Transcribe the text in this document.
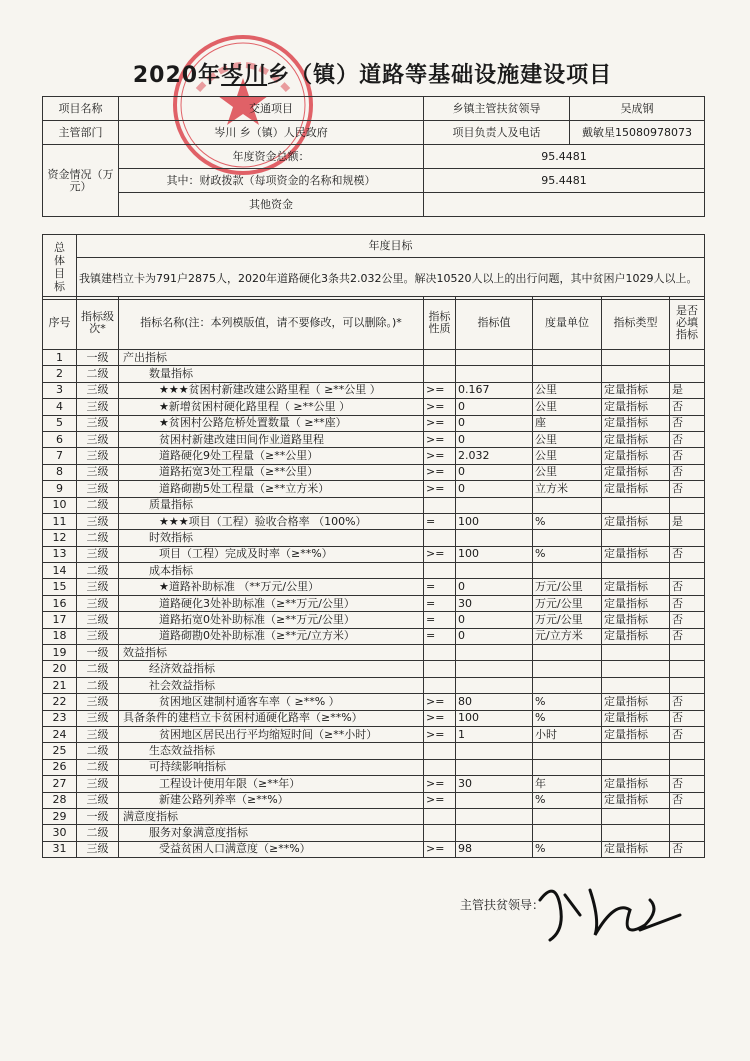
2020年岑川乡（镇）道路等基础设施建设项目
项目名称	交通项目	乡镇主管扶贫领导	吴成钢
主管部门	岑川 乡（镇）人民政府	项目负责人及电话	戴敏星15080978073
资金情况（万元）	年度资金总额：	95.4481	
	其中：财政拨款（每项资金的名称和规模）	95.4481	
	其他资金		
总体目标	年度目标
我镇建档立卡为791户2875人，2020年道路硬化3条共2.032公里。解决10520人以上的出行问题，其中贫困户1029人以上。
序号	指标级次*	指标名称(注：本列模版值，请不要修改，可以删除。)*	指标性质	指标值	度量单位	指标类型	是否必填指标
1	一级	产出指标					
2	二级	数量指标					
3	三级	★★★贫困村新建改建公路里程（ ≥**公里 ）	>=	0.167	公里	定量指标	是
4	三级	★新增贫困村硬化路里程（ ≥**公里 ）	>=	0	公里	定量指标	否
5	三级	★贫困村公路危桥处置数量（ ≥**座）	>=	0	座	定量指标	否
6	三级	贫困村新建改建田间作业道路里程	>=	0	公里	定量指标	否
7	三级	道路硬化9处工程量（≥**公里）	>=	2.032	公里	定量指标	否
8	三级	道路拓宽3处工程量（≥**公里）	>=	0	公里	定量指标	否
9	三级	道路砌勘5处工程量（≥**立方米）	>=	0	立方米	定量指标	否
10	二级	质量指标					
11	三级	★★★项目（工程）验收合格率 （100%）	=	100	%	定量指标	是
12	二级	时效指标					
13	三级	项目（工程）完成及时率（≥**%）	>=	100	%	定量指标	否
14	二级	成本指标					
15	三级	★道路补助标准 （**万元/公里）	=	0	万元/公里	定量指标	否
16	三级	道路硬化3处补助标准（≥**万元/公里）	=	30	万元/公里	定量指标	否
17	三级	道路拓宽0处补助标准（≥**万元/公里）	=	0	万元/公里	定量指标	否
18	三级	道路砌勘0处补助标准（≥**元/立方米）	=	0	元/立方米	定量指标	否
19	一级	效益指标					
20	二级	经济效益指标					
21	二级	社会效益指标					
22	三级	贫困地区建制村通客车率（ ≥**% ）	>=	80	%	定量指标	否
23	三级	具备条件的建档立卡贫困村通硬化路率（≥**%）	>=	100	%	定量指标	否
24	三级	贫困地区居民出行平均缩短时间（≥**小时）	>=	1	小时	定量指标	否
25	二级	生态效益指标					
26	二级	可持续影响指标					
27	三级	工程设计使用年限（≥**年）	>=	30	年	定量指标	否
28	三级	新建公路列养率（≥**%）	>=		%	定量指标	否
29	一级	满意度指标					
30	二级	服务对象满意度指标					
31	三级	受益贫困人口满意度（≥**%）	>=	98	%	定量指标	否
主管扶贫领导：
